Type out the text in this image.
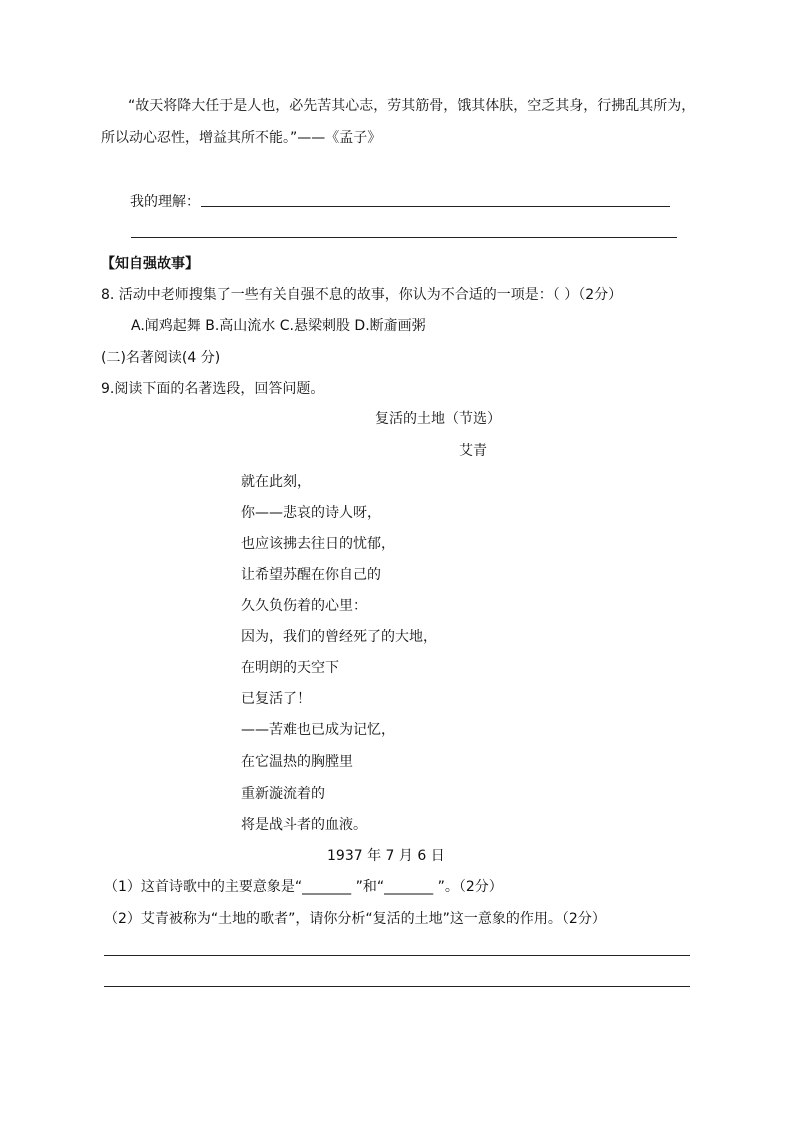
“故天将降大任于是人也，必先苦其心志，劳其筋骨，饿其体肤，空乏其身，行拂乱其所为，
所以动心忍性，增益其所不能。”——《孟子》
我的理解：
【知自强故事】
8. 活动中老师搜集了一些有关自强不息的故事，你认为不合适的一项是：（ ）（2分）
A.闻鸡起舞 B.高山流水 C.悬梁刺股 D.断齑画粥
(二)名著阅读(4 分)
9.阅读下面的名著选段，回答问题。
复活的土地（节选）
艾青
就在此刻，
你——悲哀的诗人呀，
也应该拂去往日的忧郁，
让希望苏醒在你自己的
久久负伤着的心里：
因为，我们的曾经死了的大地，
在明朗的天空下
已复活了！
——苦难也已成为记忆，
在它温热的胸膛里
重新漩流着的
将是战斗者的血液。
1937 年 7 月 6 日
（1）这首诗歌中的主要意象是“_______ ”和“_______ ”。（2分）
（2）艾青被称为“土地的歌者”，请你分析“复活的土地”这一意象的作用。（2分）
